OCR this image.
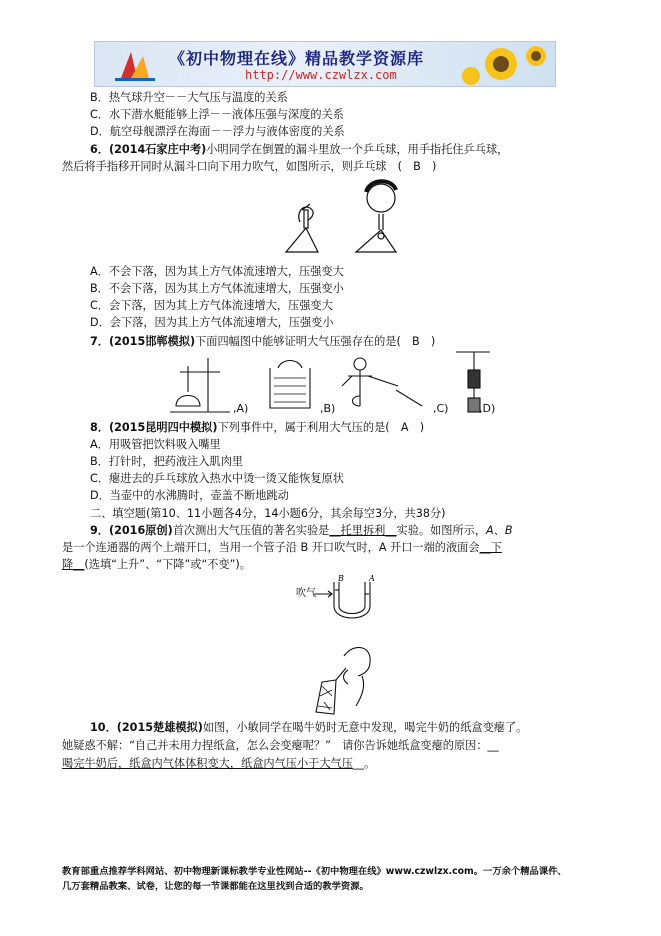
《初中物理在线》精品教学资源库
http://www.czwlzx.com
B．热气球升空－－大气压与温度的关系
C．水下潜水艇能够上浮－－液体压强与深度的关系
D．航空母舰漂浮在海面－－浮力与液体密度的关系
6．(2014石家庄中考)小明同学在倒置的漏斗里放一个乒乓球，用手指托住乒乓球，
然后将手指移开同时从漏斗口向下用力吹气，如图所示，则乒乓球　(　B　)
A．不会下落，因为其上方气体流速增大，压强变大
B．不会下落，因为其上方气体流速增大，压强变小
C．会下落，因为其上方气体流速增大，压强变大
D．会下落，因为其上方气体流速增大，压强变小
7．(2015邯郸模拟)下面四幅图中能够证明大气压强存在的是(　B　)
,A)	,B)	,C)	,D)
8．(2015昆明四中模拟)下列事件中，属于利用大气压的是(　A　)
A．用吸管把饮料吸入嘴里
B．打针时，把药液注入肌肉里
C．瘪进去的乒乓球放入热水中烫一烫又能恢复原状
D．当壶中的水沸腾时，壶盖不断地跳动
二、填空题(第10、11小题各4分，14小题6分，其余每空3分，共38分)
9．(2016原创)首次测出大气压值的著名实验是__托里拆利__实验。如图所示，A、B
是一个连通器的两个上端开口，当用一个管子沿 B 开口吹气时，A 开口一端的液面会__下
降__(选填“上升”、“下降”或“不变”)。
吹气
B	A
10．(2015楚雄模拟)如图，小敏同学在喝牛奶时无意中发现，喝完牛奶的纸盒变瘪了。
她疑惑不解：“自己并未用力捏纸盒，怎么会变瘪呢？”　请你告诉她纸盒变瘪的原因：__
喝完牛奶后，纸盒内气体体积变大，纸盒内气压小于大气压__。
教育部重点推荐学科网站、初中物理新课标教学专业性网站--《初中物理在线》www.czwlzx.com。一万余个精品课件、
几万套精品教案、试卷，让您的每一节课都能在这里找到合适的教学资源。
